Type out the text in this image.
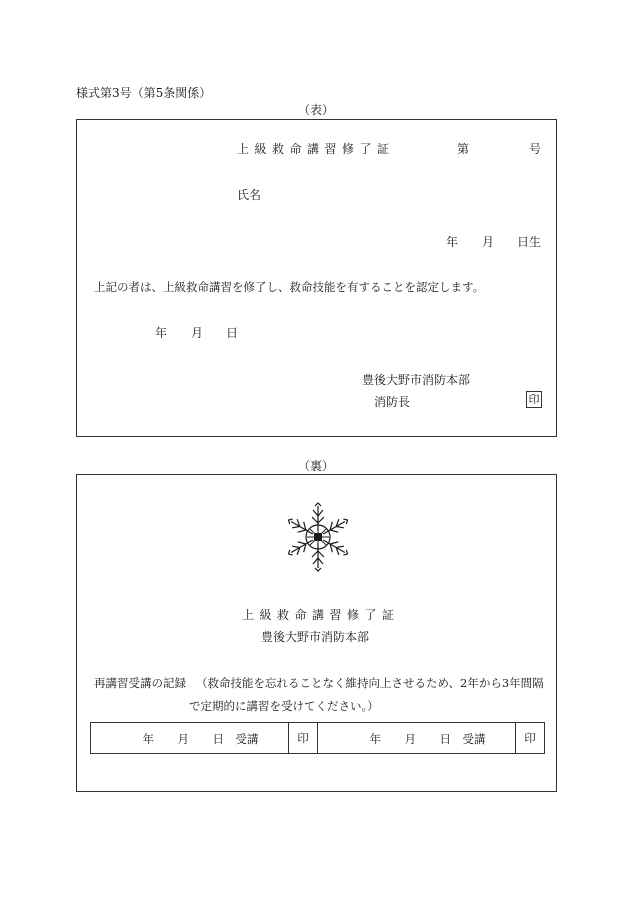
様式第3号（第5条関係）
（表）
上級救命講習修了証	第	号
氏名
年 月 日生
上記の者は、上級救命講習を修了し、救命技能を有することを認定します。
年 月 日
豊後大野市消防本部
消防長	印
（裏）
上級救命講習修了証
豊後大野市消防本部
再講習受講の記録 （救命技能を忘れることなく維持向上させるため、2年から3年間隔
で定期的に講習を受けてください。）
年 月 日 受講	印	年 月 日 受講	印
